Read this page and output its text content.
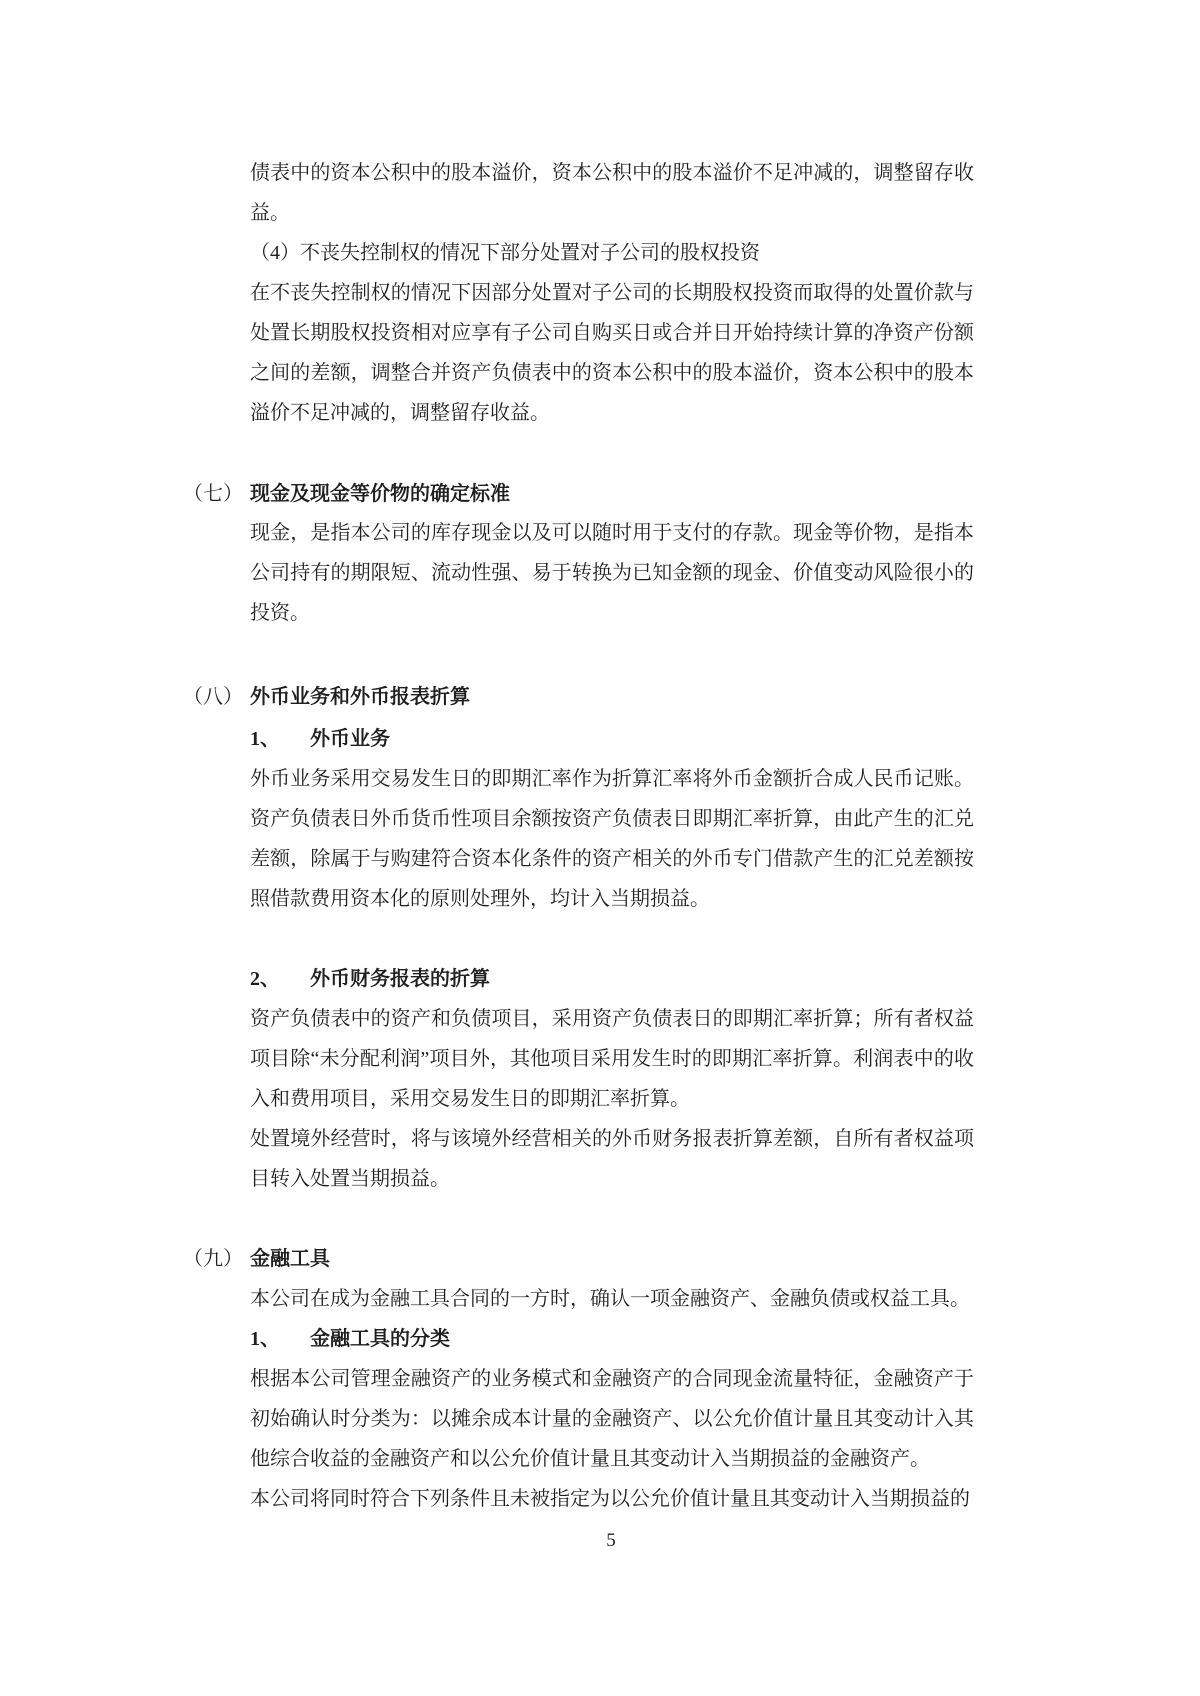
债表中的资本公积中的股本溢价，资本公积中的股本溢价不足冲减的，调整留存收益。
（4）不丧失控制权的情况下部分处置对子公司的股权投资
在不丧失控制权的情况下因部分处置对子公司的长期股权投资而取得的处置价款与处置长期股权投资相对应享有子公司自购买日或合并日开始持续计算的净资产份额之间的差额，调整合并资产负债表中的资本公积中的股本溢价，资本公积中的股本溢价不足冲减的，调整留存收益。
（七） 现金及现金等价物的确定标准
现金，是指本公司的库存现金以及可以随时用于支付的存款。现金等价物，是指本公司持有的期限短、流动性强、易于转换为已知金额的现金、价值变动风险很小的投资。
（八） 外币业务和外币报表折算
1、	外币业务
外币业务采用交易发生日的即期汇率作为折算汇率将外币金额折合成人民币记账。资产负债表日外币货币性项目余额按资产负债表日即期汇率折算，由此产生的汇兑差额，除属于与购建符合资本化条件的资产相关的外币专门借款产生的汇兑差额按照借款费用资本化的原则处理外，均计入当期损益。
2、	外币财务报表的折算
资产负债表中的资产和负债项目，采用资产负债表日的即期汇率折算；所有者权益项目除“未分配利润”项目外，其他项目采用发生时的即期汇率折算。利润表中的收入和费用项目，采用交易发生日的即期汇率折算。
处置境外经营时，将与该境外经营相关的外币财务报表折算差额，自所有者权益项目转入处置当期损益。
（九） 金融工具
本公司在成为金融工具合同的一方时，确认一项金融资产、金融负债或权益工具。
1、	金融工具的分类
根据本公司管理金融资产的业务模式和金融资产的合同现金流量特征，金融资产于初始确认时分类为：以摊余成本计量的金融资产、以公允价值计量且其变动计入其他综合收益的金融资产和以公允价值计量且其变动计入当期损益的金融资产。
本公司将同时符合下列条件且未被指定为以公允价值计量且其变动计入当期损益的
5
